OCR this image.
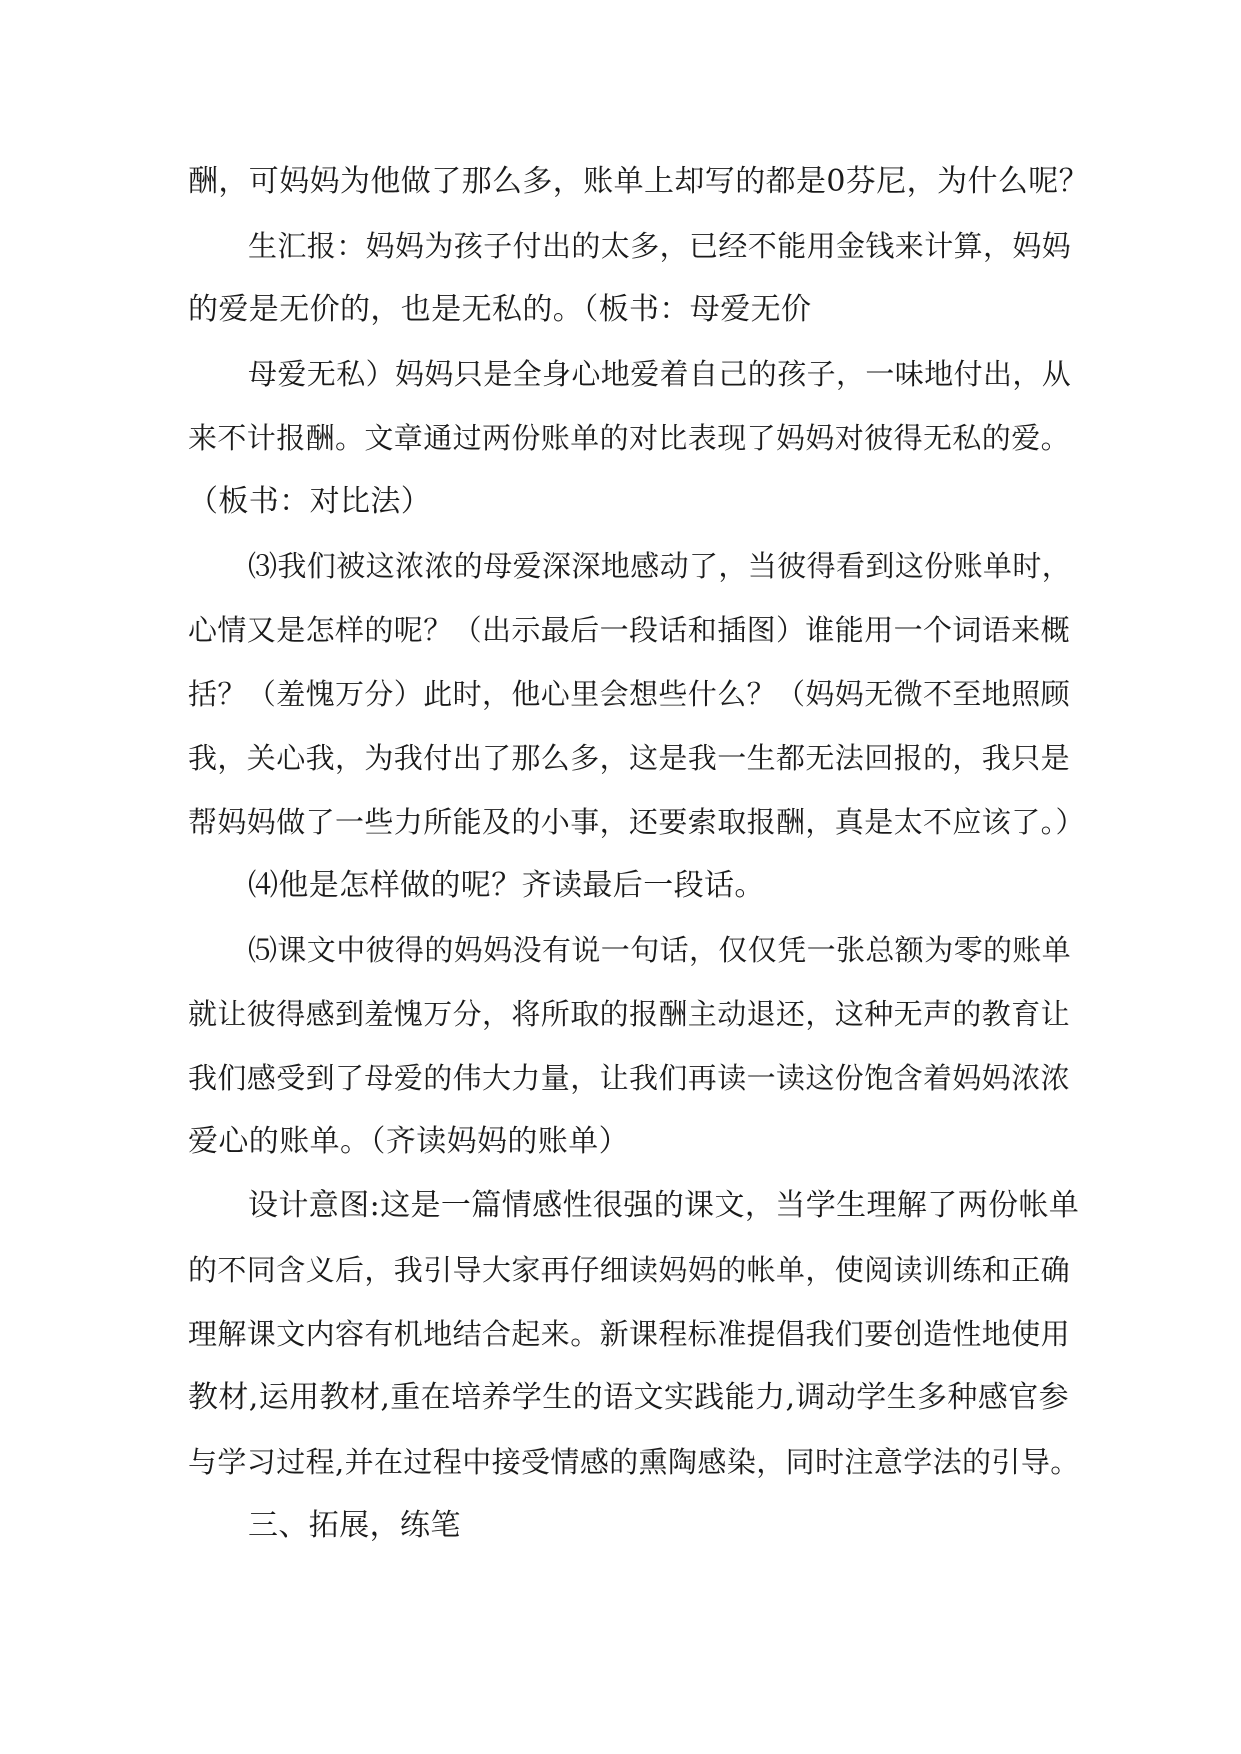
酬，可妈妈为他做了那么多，账单上却写的都是0芬尼，为什么呢？
生汇报：妈妈为孩子付出的太多，已经不能用金钱来计算，妈妈
的爱是无价的，也是无私的。（板书：母爱无价
母爱无私）妈妈只是全身心地爱着自己的孩子，一味地付出，从
来不计报酬。文章通过两份账单的对比表现了妈妈对彼得无私的爱。
（板书：对比法）
⑶我们被这浓浓的母爱深深地感动了，当彼得看到这份账单时，
心情又是怎样的呢？（出示最后一段话和插图）谁能用一个词语来概
括？（羞愧万分）此时，他心里会想些什么？（妈妈无微不至地照顾
我，关心我，为我付出了那么多，这是我一生都无法回报的，我只是
帮妈妈做了一些力所能及的小事，还要索取报酬，真是太不应该了。）
⑷他是怎样做的呢？齐读最后一段话。
⑸课文中彼得的妈妈没有说一句话，仅仅凭一张总额为零的账单
就让彼得感到羞愧万分，将所取的报酬主动退还，这种无声的教育让
我们感受到了母爱的伟大力量，让我们再读一读这份饱含着妈妈浓浓
爱心的账单。（齐读妈妈的账单）
设计意图:这是一篇情感性很强的课文，当学生理解了两份帐单
的不同含义后，我引导大家再仔细读妈妈的帐单，使阅读训练和正确
理解课文内容有机地结合起来。新课程标准提倡我们要创造性地使用
教材,运用教材,重在培养学生的语文实践能力,调动学生多种感官参
与学习过程,并在过程中接受情感的熏陶感染，同时注意学法的引导。
三、拓展，练笔
